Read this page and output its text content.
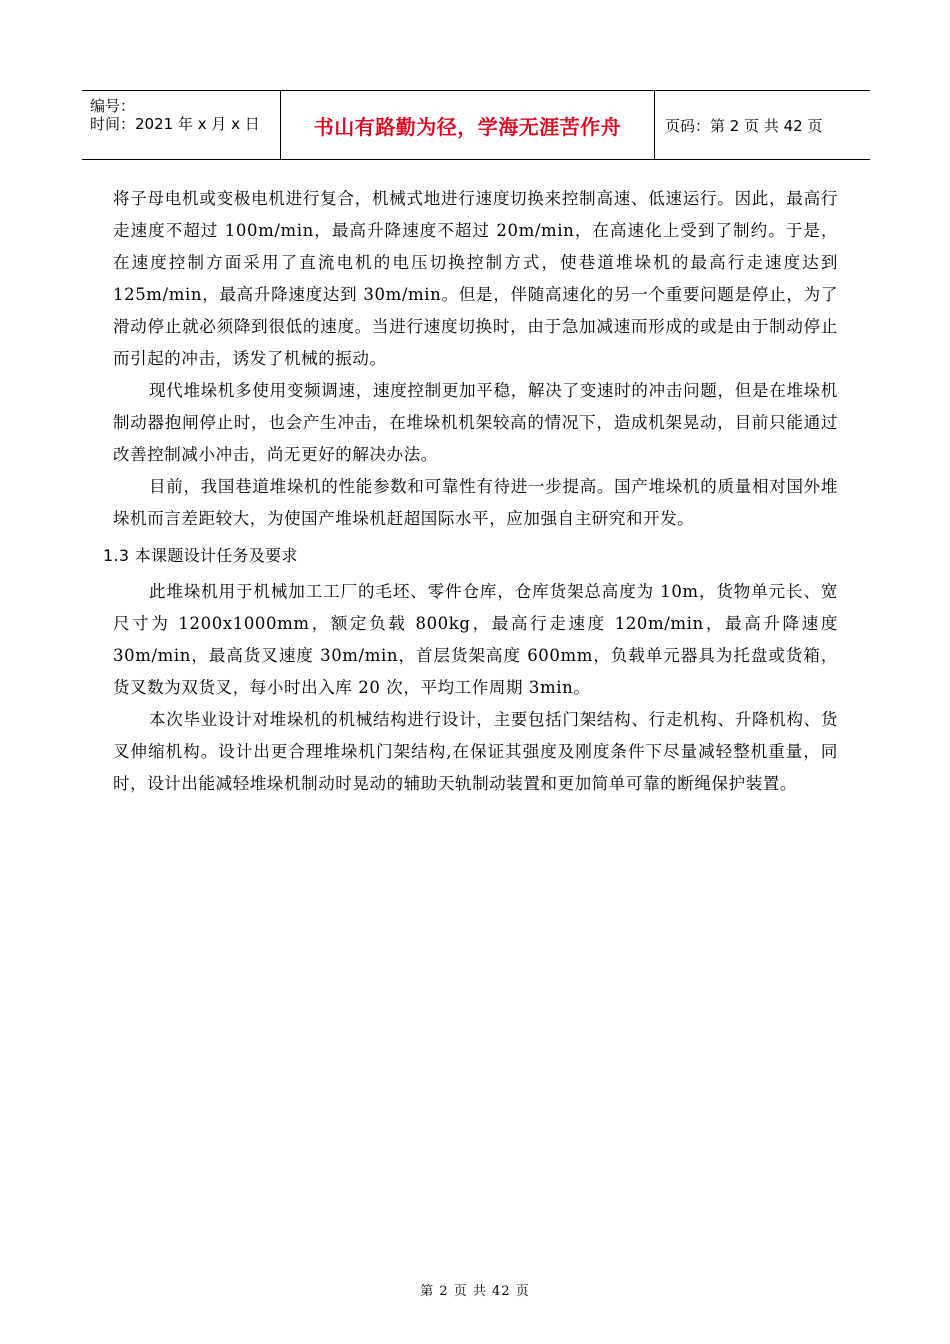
编号：
时间：2021 年 x 月 x 日	书山有路勤为径，学海无涯苦作舟	页码：第 2 页 共 42 页

将子母电机或变极电机进行复合，机械式地进行速度切换来控制高速、低速运行。因此，最高行走速度不超过 100m/min，最高升降速度不超过 20m/min，在高速化上受到了制约。于是，在速度控制方面采用了直流电机的电压切换控制方式，使巷道堆垛机的最高行走速度达到 125m/min，最高升降速度达到 30m/min。但是，伴随高速化的另一个重要问题是停止，为了滑动停止就必须降到很低的速度。当进行速度切换时，由于急加减速而形成的或是由于制动停止而引起的冲击，诱发了机械的振动。

现代堆垛机多使用变频调速，速度控制更加平稳，解决了变速时的冲击问题，但是在堆垛机制动器抱闸停止时，也会产生冲击，在堆垛机机架较高的情况下，造成机架晃动，目前只能通过改善控制减小冲击，尚无更好的解决办法。

目前，我国巷道堆垛机的性能参数和可靠性有待进一步提高。国产堆垛机的质量相对国外堆垛机而言差距较大，为使国产堆垛机赶超国际水平，应加强自主研究和开发。

1.3 本课题设计任务及要求

此堆垛机用于机械加工工厂的毛坯、零件仓库，仓库货架总高度为 10m，货物单元长、宽尺寸为 1200x1000mm，额定负载 800kg，最高行走速度 120m/min，最高升降速度 30m/min，最高货叉速度 30m/min，首层货架高度 600mm，负载单元器具为托盘或货箱，货叉数为双货叉，每小时出入库 20 次，平均工作周期 3min。

本次毕业设计对堆垛机的机械结构进行设计，主要包括门架结构、行走机构、升降机构、货叉伸缩机构。设计出更合理堆垛机门架结构,在保证其强度及刚度条件下尽量减轻整机重量，同时，设计出能减轻堆垛机制动时晃动的辅助天轨制动装置和更加简单可靠的断绳保护装置。

第 2 页 共 42 页
